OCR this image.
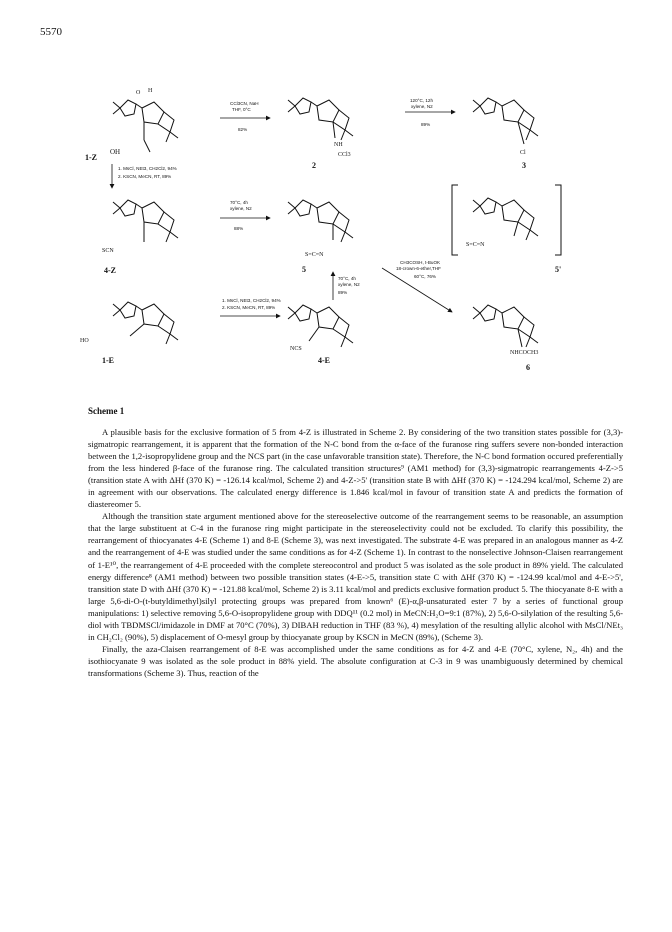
5570
1-Z
OH
H
O
CCl3CN, NaH
THF, 0°C
82%
NH
CCl3
2
120°C, 12h
xylene, N2
89%
Cl
3
1. MsCl, NEt3, CH2Cl2, 94%
2. KSCN, MeCN, RT, 89%
SCN
4-Z
70°C, 4h
xylene, N2
88%
S=C=N
5
S=C=N
5'
70°C, 4h
xylene, N2
89%
CH3COSH, t-BuOK
18-crown-6-ether,THF
60°C, 76%
HO
1-E
1. MsCl, NEt3, CH2Cl2, 94%
2. KSCN, MeCN, RT, 89%
NCS
4-E
NHCOCH3
6
Scheme 1

A plausible basis for the exclusive formation of 5 from 4-Z is illustrated in Scheme 2. By considering of the two transition states possible for (3,3)-sigmatropic rearrangement, it is apparent that the formation of the N-C bond from the α-face of the furanose ring suffers severe non-bonded interaction between the 1,2-isopropylidene group and the NCS part (in the case unfavorable transition state). Therefore, the N-C bond formation occured preferentially from the less hindered β-face of the furanose ring. The calculated transition structures⁹ (AM1 method) for (3,3)-sigmatropic rearrangements 4-Z->5 (transition state A with ΔHf (370 K) = -126.14 kcal/mol, Scheme 2) and 4-Z->5' (transition state B with ΔHf (370 K) = -124.294 kcal/mol, Scheme 2) are in agreement with our observations. The calculated energy difference is 1.846 kcal/mol in favour of transition state A and predicts the formation of diastereomer 5.

Although the transition state argument mentioned above for the stereoselective outcome of the rearrangement seems to be reasonable, an assumption that the large substituent at C-4 in the furanose ring might participate in the stereoselectivity could not be excluded. To clarify this possibility, the rearrangement of thiocyanates 4-E (Scheme 1) and 8-E (Scheme 3), was next investigated. The substrate 4-E was prepared in an analogous manner as 4-Z and the rearrangement of 4-E was studied under the same conditions as for 4-Z (Scheme 1). In contrast to the nonselective Johnson-Claisen rearrangement of 1-E¹⁰, the rearrangement of 4-E proceeded with the complete stereocontrol and product 5 was isolated as the sole product in 89% yield. The calculated energy difference⁸ (AM1 method) between two possible transition states (4-E->5, transition state C with ΔHf (370 K) = -124.99 kcal/mol and 4-E->5', transition state D with ΔHf (370 K) = -121.88 kcal/mol, Scheme 2) is 3.11 kcal/mol and predicts exclusive formation product 5. The thiocyanate 8-E with a large 5,6-di-O-(t-butyldimethyl)silyl protecting groups was prepared from known⁶ (E)-α,β-unsaturated ester 7 by a series of functional group manipulations: 1) selective removing 5,6-O-isopropylidene group with DDQ¹¹ (0.2 mol) in MeCN:H₂O=9:1 (87%), 2) 5,6-O-silylation of the resulting 5,6-diol with TBDMSCl/imidazole in DMF at 70°C (70%), 3) DIBAH reduction in THF (83 %), 4) mesylation of the resulting allylic alcohol with MsCl/NEt₃ in CH₂Cl₂ (90%), 5) displacement of O-mesyl group by thiocyanate group by KSCN in MeCN (89%), (Scheme 3).

Finally, the aza-Claisen rearrangement of 8-E was accomplished under the same conditions as for 4-Z and 4-E (70°C, xylene, N₂, 4h) and the isothiocyanate 9 was isolated as the sole product in 88% yield. The absolute configuration at C-3 in 9 was unambiguously determined by chemical transformations (Scheme 3). Thus, reaction of the
